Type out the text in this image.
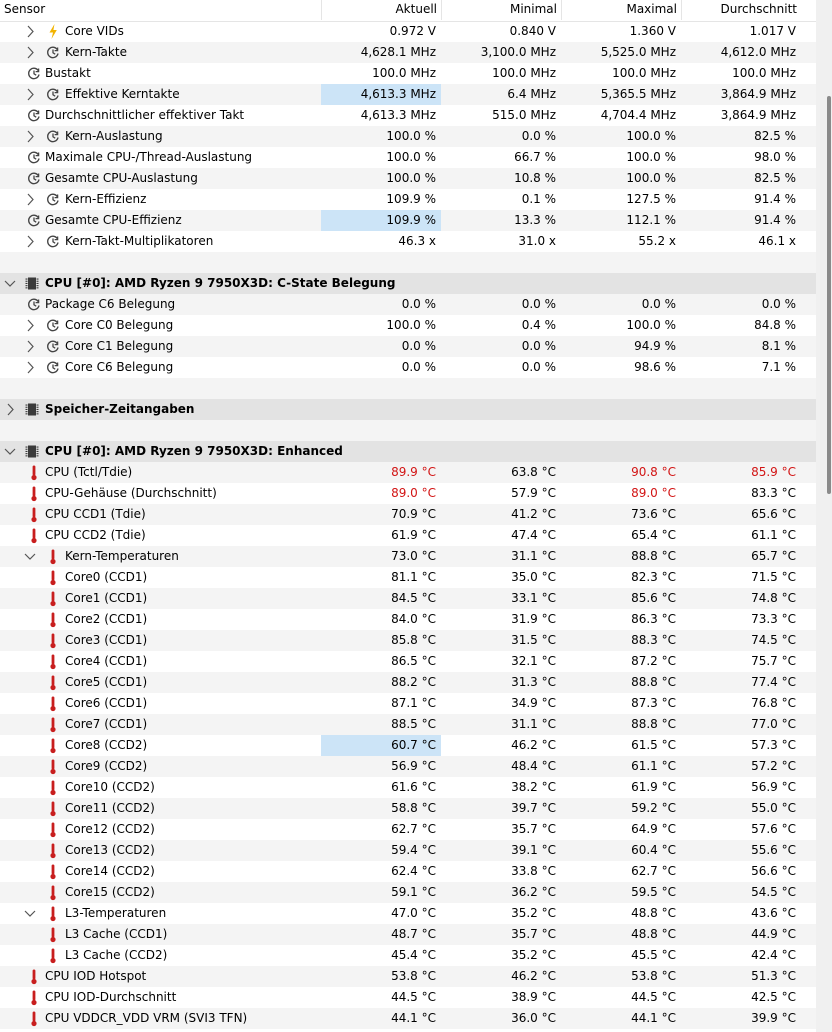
Sensor	Aktuell	Minimal	Maximal	Durchschnitt
Core VIDs	0.972 V	0.840 V	1.360 V	1.017 V
Kern-Takte	4,628.1 MHz	3,100.0 MHz	5,525.0 MHz	4,612.0 MHz
Bustakt	100.0 MHz	100.0 MHz	100.0 MHz	100.0 MHz
Effektive Kerntakte	4,613.3 MHz	6.4 MHz	5,365.5 MHz	3,864.9 MHz
Durchschnittlicher effektiver Takt	4,613.3 MHz	515.0 MHz	4,704.4 MHz	3,864.9 MHz
Kern-Auslastung	100.0 %	0.0 %	100.0 %	82.5 %
Maximale CPU-/Thread-Auslastung	100.0 %	66.7 %	100.0 %	98.0 %
Gesamte CPU-Auslastung	100.0 %	10.8 %	100.0 %	82.5 %
Kern-Effizienz	109.9 %	0.1 %	127.5 %	91.4 %
Gesamte CPU-Effizienz	109.9 %	13.3 %	112.1 %	91.4 %
Kern-Takt-Multiplikatoren	46.3 x	31.0 x	55.2 x	46.1 x
CPU [#0]: AMD Ryzen 9 7950X3D: C-State Belegung
Package C6 Belegung	0.0 %	0.0 %	0.0 %	0.0 %
Core C0 Belegung	100.0 %	0.4 %	100.0 %	84.8 %
Core C1 Belegung	0.0 %	0.0 %	94.9 %	8.1 %
Core C6 Belegung	0.0 %	0.0 %	98.6 %	7.1 %
Speicher-Zeitangaben
CPU [#0]: AMD Ryzen 9 7950X3D: Enhanced
CPU (Tctl/Tdie)	89.9 °C	63.8 °C	90.8 °C	85.9 °C
CPU-Gehäuse (Durchschnitt)	89.0 °C	57.9 °C	89.0 °C	83.3 °C
CPU CCD1 (Tdie)	70.9 °C	41.2 °C	73.6 °C	65.6 °C
CPU CCD2 (Tdie)	61.9 °C	47.4 °C	65.4 °C	61.1 °C
Kern-Temperaturen	73.0 °C	31.1 °C	88.8 °C	65.7 °C
Core0 (CCD1)	81.1 °C	35.0 °C	82.3 °C	71.5 °C
Core1 (CCD1)	84.5 °C	33.1 °C	85.6 °C	74.8 °C
Core2 (CCD1)	84.0 °C	31.9 °C	86.3 °C	73.3 °C
Core3 (CCD1)	85.8 °C	31.5 °C	88.3 °C	74.5 °C
Core4 (CCD1)	86.5 °C	32.1 °C	87.2 °C	75.7 °C
Core5 (CCD1)	88.2 °C	31.3 °C	88.8 °C	77.4 °C
Core6 (CCD1)	87.1 °C	34.9 °C	87.3 °C	76.8 °C
Core7 (CCD1)	88.5 °C	31.1 °C	88.8 °C	77.0 °C
Core8 (CCD2)	60.7 °C	46.2 °C	61.5 °C	57.3 °C
Core9 (CCD2)	56.9 °C	48.4 °C	61.1 °C	57.2 °C
Core10 (CCD2)	61.6 °C	38.2 °C	61.9 °C	56.9 °C
Core11 (CCD2)	58.8 °C	39.7 °C	59.2 °C	55.0 °C
Core12 (CCD2)	62.7 °C	35.7 °C	64.9 °C	57.6 °C
Core13 (CCD2)	59.4 °C	39.1 °C	60.4 °C	55.6 °C
Core14 (CCD2)	62.4 °C	33.8 °C	62.7 °C	56.6 °C
Core15 (CCD2)	59.1 °C	36.2 °C	59.5 °C	54.5 °C
L3-Temperaturen	47.0 °C	35.2 °C	48.8 °C	43.6 °C
L3 Cache (CCD1)	48.7 °C	35.7 °C	48.8 °C	44.9 °C
L3 Cache (CCD2)	45.4 °C	35.2 °C	45.5 °C	42.4 °C
CPU IOD Hotspot	53.8 °C	46.2 °C	53.8 °C	51.3 °C
CPU IOD-Durchschnitt	44.5 °C	38.9 °C	44.5 °C	42.5 °C
CPU VDDCR_VDD VRM (SVI3 TFN)	44.1 °C	36.0 °C	44.1 °C	39.9 °C
